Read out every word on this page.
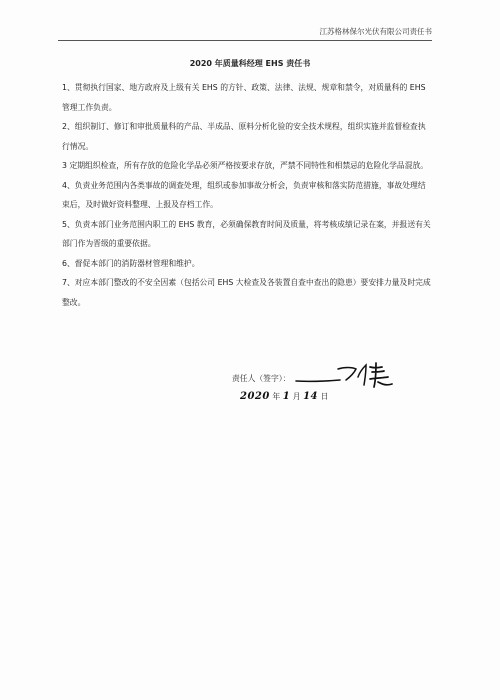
江苏格林保尔光伏有限公司责任书
2020 年质量科经理 EHS 责任书

1、贯彻执行国家、地方政府及上级有关 EHS 的方针、政策、法律、法规、规章和禁令，对质量科的 EHS 管理工作负责。

2、组织制订、修订和审批质量科的产品、半成品、原料分析化验的安全技术规程，组织实施并监督检查执行情况。

3 定期组织检查，所有存放的危险化学品必须严格按要求存放，严禁不同特性和相禁忌的危险化学品混放。

4、负责业务范围内各类事故的调查处理，组织或参加事故分析会，负责审核和落实防范措施，事故处理结束后，及时做好资料整理、上报及存档工作。

5、负责本部门业务范围内职工的 EHS 教育，必须确保教育时间及质量，将考核成绩记录在案，并报送有关部门作为晋级的重要依据。

6、督促本部门的消防器材管理和维护。

7、对应本部门整改的不安全因素（包括公司 EHS 大检查及各装置自查中查出的隐患）要安排力量及时完成整改。

责任人（签字）：
2020 年 1 月 14 日
